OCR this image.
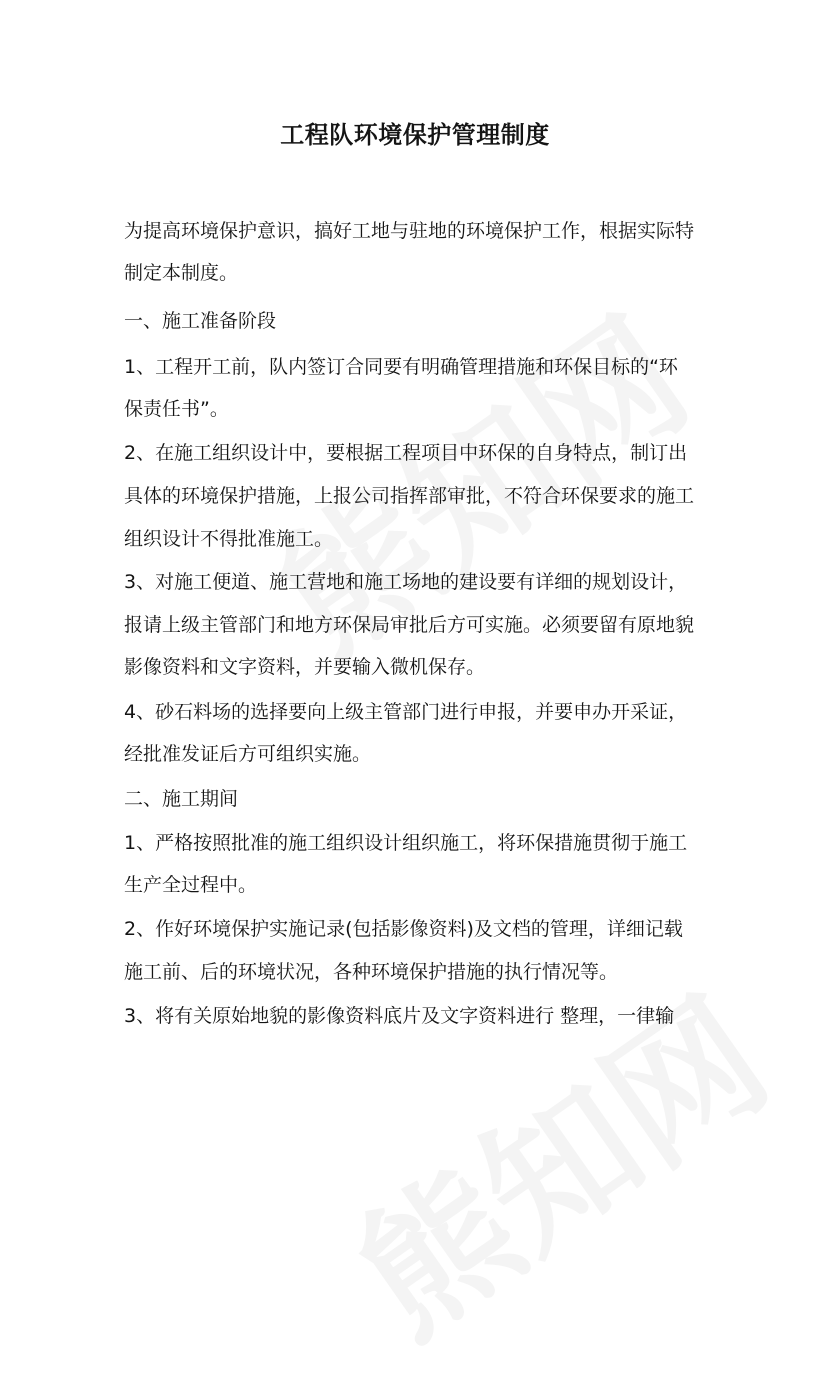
工程队环境保护管理制度
为提高环境保护意识，搞好工地与驻地的环境保护工作，根据实际特
制定本制度。
一、施工准备阶段
1、工程开工前，队内签订合同要有明确管理措施和环保目标的“环
保责任书”。
2、在施工组织设计中，要根据工程项目中环保的自身特点，制订出
具体的环境保护措施，上报公司指挥部审批，不符合环保要求的施工
组织设计不得批准施工。
3、对施工便道、施工营地和施工场地的建设要有详细的规划设计，
报请上级主管部门和地方环保局审批后方可实施。必须要留有原地貌
影像资料和文字资料，并要输入微机保存。
4、砂石料场的选择要向上级主管部门进行申报，并要申办开采证，
经批准发证后方可组织实施。
二、施工期间
1、严格按照批准的施工组织设计组织施工，将环保措施贯彻于施工
生产全过程中。
2、作好环境保护实施记录(包括影像资料)及文档的管理，详细记载
施工前、后的环境状况，各种环境保护措施的执行情况等。
3、将有关原始地貌的影像资料底片及文字资料进行 整理，一律输
